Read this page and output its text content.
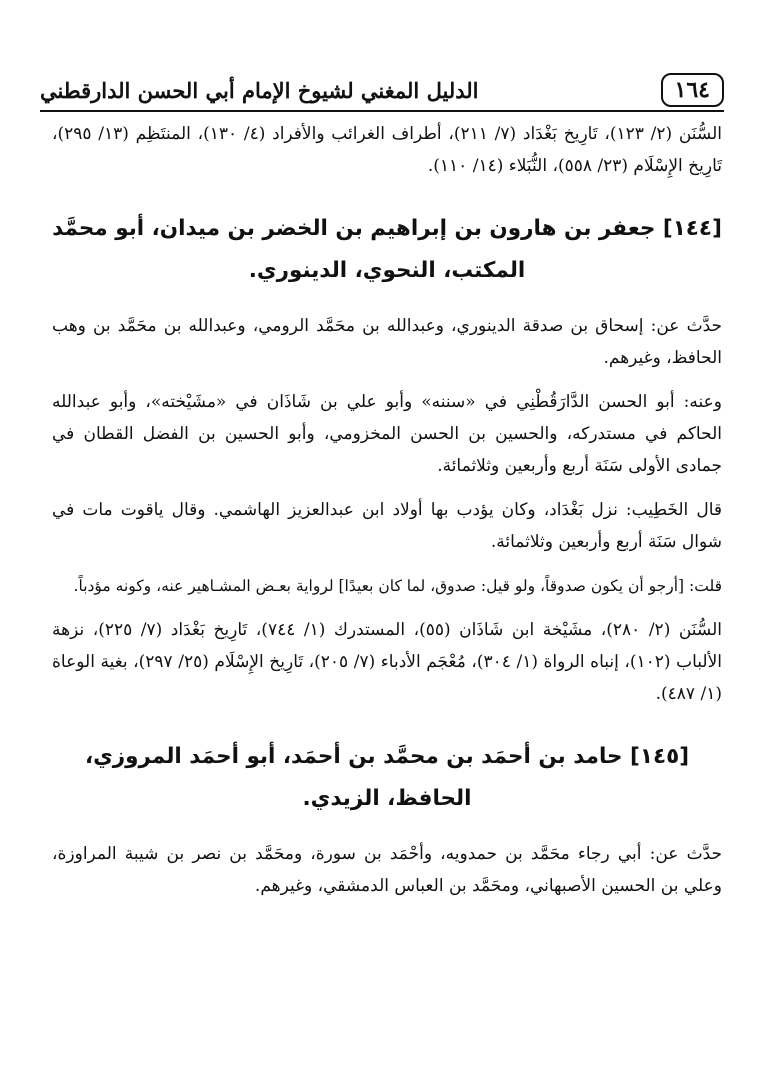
١٦٤
الدليل المغني لشيوخ الإمام أبي الحسن الدارقطني

السُّنَن (٢/ ١٢٣)، تَارِيخ بَغْدَاد (٧/ ٢١١)، أطراف الغرائب والأفراد (٤/ ١٣٠)، المنتَظِم (١٣/ ٢٩٥)، تَارِيخ الإِسْلَام (٢٣/ ٥٥٨)، النُّبَلاء (١٤/ ١١٠).

[١٤٤] جعفر بن هارون بن إبراهيم بن الخضر بن ميدان، أبو محمَّد المكتب، النحوي، الدينوري.

حدَّث عن: إسحاق بن صدقة الدينوري، وعبدالله بن محَمَّد الرومي، وعبدالله بن محَمَّد بن وهب الحافظ، وغيرهم.

وعنه: أبو الحسن الدَّارَقُطْنِي في «سننه» وأبو علي بن شَاذَان في «مشَيْخته»، وأبو عبدالله الحاكم في مستدركه، والحسين بن الحسن المخزومي، وأبو الحسين بن الفضل القطان في جمادى الأولى سَنَة أربع وأربعين وثلاثمائة.

قال الخَطِيب: نزل بَغْدَاد، وكان يؤدب بها أولاد ابن عبدالعزيز الهاشمي. وقال ياقوت مات في شوال سَنَة أربع وأربعين وثلاثمائة.

قلت: [أرجو أن يكون صدوقاً، ولو قيل: صدوق، لما كان بعيدًا] لرواية بعـض المشـاهير عنه، وكونه مؤدباً.

السُّنَن (٢/ ٢٨٠)، مشَيْخة ابن شَاذَان (٥٥)، المستدرك (١/ ٧٤٤)، تَارِيخ بَغْدَاد (٧/ ٢٢٥)، نزهة الألباب (١٠٢)، إنباه الرواة (١/ ٣٠٤)، مُعْجَم الأدباء (٧/ ٢٠٥)، تَارِيخ الإِسْلَام (٢٥/ ٢٩٧)، بغية الوعاة (١/ ٤٨٧).

[١٤٥] حامد بن أحمَد بن محمَّد بن أحمَد، أبو أحمَد المروزي، الحافظ، الزيدي.

حدَّث عن: أبي رجاء محَمَّد بن حمدويه، وأحْمَد بن سورة، ومحَمَّد بن نصر بن شيبة المراوزة، وعلي بن الحسين الأصبهاني، ومحَمَّد بن العباس الدمشقي، وغيرهم.
